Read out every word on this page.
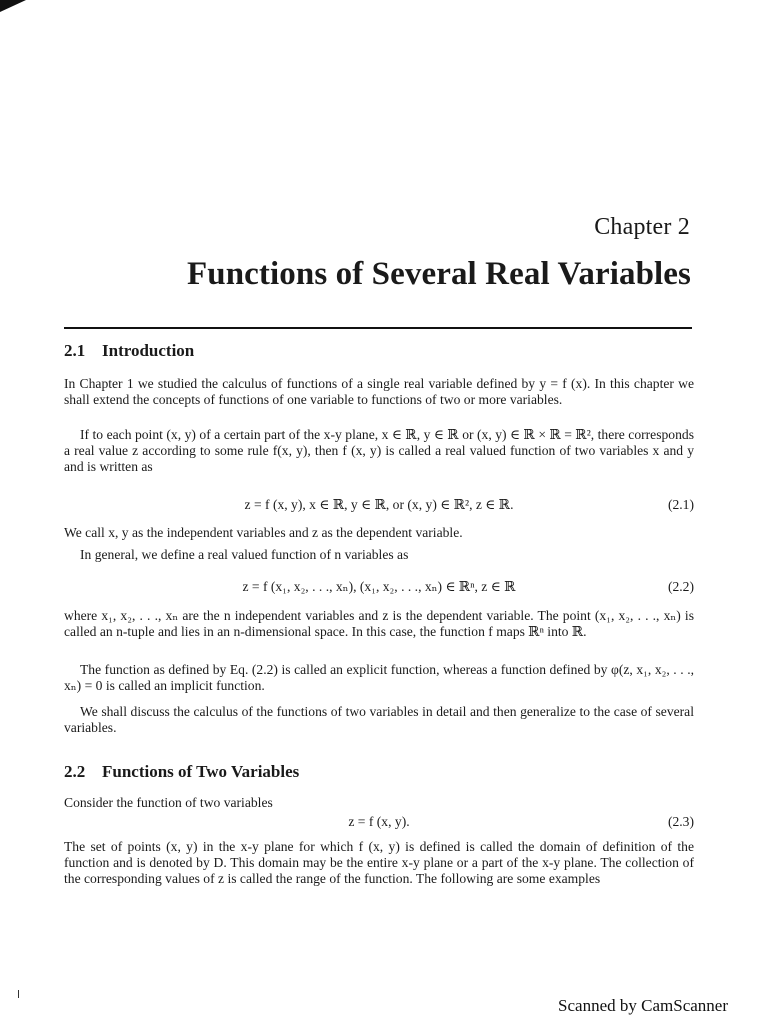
Chapter 2
Functions of Several Real Variables
2.1 Introduction
In Chapter 1 we studied the calculus of functions of a single real variable defined by y = f (x). In this chapter we shall extend the concepts of functions of one variable to functions of two or more variables.
If to each point (x, y) of a certain part of the x-y plane, x ∈ ℝ, y ∈ ℝ or (x, y) ∈ ℝ × ℝ = ℝ², there corresponds a real value z according to some rule f(x, y), then f (x, y) is called a real valued function of two variables x and y and is written as
z = f (x, y), x ∈ ℝ, y ∈ ℝ, or (x, y) ∈ ℝ², z ∈ ℝ.	(2.1)
We call x, y as the independent variables and z as the dependent variable.
In general, we define a real valued function of n variables as
z = f (x₁, x₂, . . ., xₙ), (x₁, x₂, . . ., xₙ) ∈ ℝⁿ, z ∈ ℝ	(2.2)
where x₁, x₂, . . ., xₙ are the n independent variables and z is the dependent variable. The point (x₁, x₂, . . ., xₙ) is called an n-tuple and lies in an n-dimensional space. In this case, the function f maps ℝⁿ into ℝ.
The function as defined by Eq. (2.2) is called an explicit function, whereas a function defined by φ(z, x₁, x₂, . . ., xₙ) = 0 is called an implicit function.
We shall discuss the calculus of the functions of two variables in detail and then generalize to the case of several variables.
2.2 Functions of Two Variables
Consider the function of two variables
z = f (x, y).	(2.3)
The set of points (x, y) in the x-y plane for which f (x, y) is defined is called the domain of definition of the function and is denoted by D. This domain may be the entire x-y plane or a part of the x-y plane. The collection of the corresponding values of z is called the range of the function. The following are some examples
Scanned by CamScanner
